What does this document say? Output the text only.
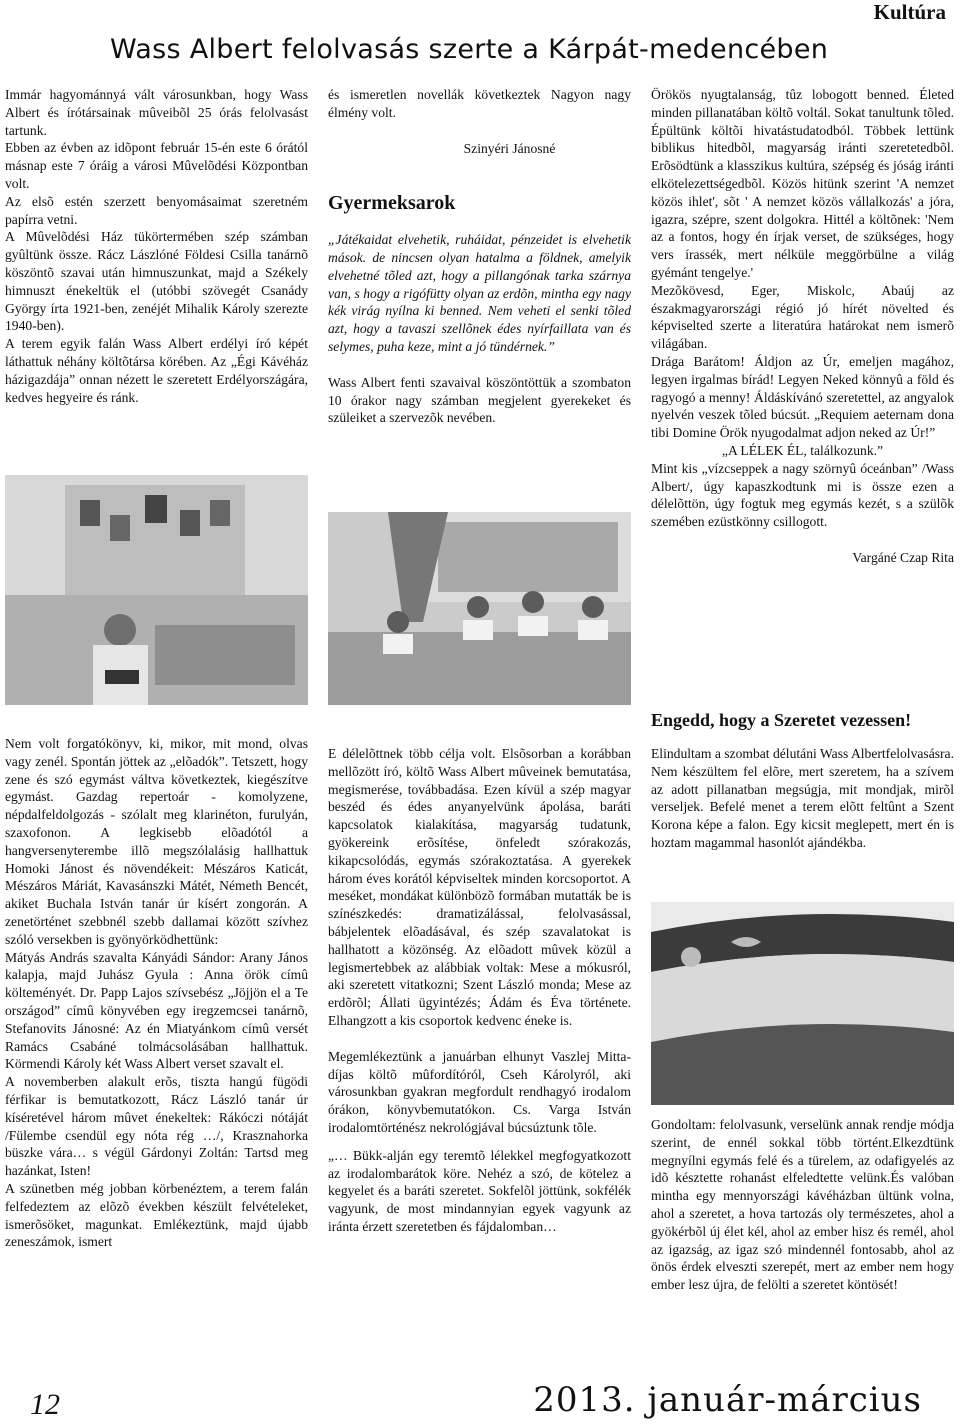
Kultúra
Wass Albert felolvasás szerte a Kárpát-medencében

Immár hagyománnyá vált városunkban, hogy Wass Albert és írótársainak mûveibõl 25 órás felolvasást tartunk.

Ebben az évben az idõpont február 15-én este 6 órától másnap este 7 óráig a városi Mûvelõdési Központban volt.

Az elsõ estén szerzett benyomásaimat szeretném papírra vetni.

A Mûvelõdési Ház tükörtermében szép számban gyûltünk össze. Rácz Lászlóné Földesi Csilla tanárnõ köszöntõ szavai után himnuszunkat, majd a Székely himnuszt énekeltük el (utóbbi szövegét Csanády György írta 1921-ben, zenéjét Mihalik Károly szerezte 1940-ben).

A terem egyik falán Wass Albert erdélyi író képét láthattuk néhány költõtársa körében. Az „Égi Kávéház házigazdája” onnan nézett le szeretett Erdélyországára, kedves hegyeire és ránk.

és ismeretlen novellák következtek Nagyon nagy élmény volt.

Szinyéri Jánosné

Gyermeksarok

„Játékaidat elvehetik, ruháidat, pénzeidet is elvehetik mások. de nincsen olyan hatalma a földnek, amelyik elvehetné tõled azt, hogy a pillangónak tarka szárnya van, s hogy a rigófütty olyan az erdõn, mintha egy nagy kék virág nyílna ki benned. Nem veheti el senki tõled azt, hogy a tavaszi szellõnek édes nyírfaillata van és selymes, puha keze, mint a jó tündérnek.”

Wass Albert fenti szavaival köszöntöttük a szombaton 10 órakor nagy számban megjelent gyerekeket és szüleiket a szervezõk nevében.

Örökös nyugtalanság, tûz lobogott benned. Életed minden pillanatában költõ voltál. Sokat tanultunk tõled. Épültünk költõi hivatástudatodból. Többek lettünk biblikus hitedbõl, magyarság iránti szeretetedbõl. Erõsödtünk a klasszikus kultúra, szépség és jóság iránti elkötelezettségedbõl. Közös hitünk szerint 'A nemzet közös ihlet', sõt ' A nemzet közös vállalkozás' a jóra, igazra, szépre, szent dolgokra. Hittél a költõnek: 'Nem az a fontos, hogy én írjak verset, de szükséges, hogy vers írassék, mert nélküle meggörbülne a világ gyémánt tengelye.'

Mezõkövesd, Eger, Miskolc, Abaúj az északmagyarországi régió jó hírét növelted és képviselted szerte a literatúra határokat nem ismerõ világában.

Drága Barátom! Áldjon az Úr, emeljen magához, legyen irgalmas bírád! Legyen Neked könnyû a föld és ragyogó a menny! Áldáskívánó szeretettel, az angyalok nyelvén veszek tõled búcsút. „Requiem aeternam dona tibi Domine Örök nyugodalmat adjon neked az Úr!”

„A LÉLEK ÉL, találkozunk.”

Mint kis „vízcseppek a nagy szörnyû óceánban” /Wass Albert/, úgy kapaszkodtunk mi is össze ezen a délelõttön, úgy fogtuk meg egymás kezét, s a szülõk szemében ezüstkönny csillogott.

Vargáné Czap Rita

Engedd, hogy a Szeretet vezessen!

Nem volt forgatókönyv, ki, mikor, mit mond, olvas vagy zenél. Spontán jöttek az „elõadók”. Tetszett, hogy zene és szó egymást váltva következtek, kiegészítve egymást. Gazdag repertoár - komolyzene, népdalfeldolgozás - szólalt meg klarinéton, furulyán, szaxofonon. A legkisebb elõadótól a hangversenyterembe illõ megszólalásig hallhattuk Homoki Jánost és növendékeit: Mészáros Katicát, Mészáros Máriát, Kavasánszki Mátét, Németh Bencét, akiket Buchala István tanár úr kísért zongorán. A zenetörténet szebbnél szebb dallamai között szívhez szóló versekben is gyönyörködhettünk:

Mátyás András szavalta Kányádi Sándor: Arany János kalapja, majd Juhász Gyula : Anna örök címû költeményét. Dr. Papp Lajos szívsebész „Jöjjön el a Te országod” címû könyvében egy iregzemcsei tanárnõ, Stefanovits Jánosné: Az én Miatyánkom címû versét Ramács Csabáné tolmácsolásában hallhattuk. Körmendi Károly két Wass Albert verset szavalt el.

A novemberben alakult erõs, tiszta hangú fügödi férfikar is bemutatkozott, Rácz László tanár úr kíséretével három mûvet énekeltek: Rákóczi nótáját /Fülembe csendül egy nóta rég …/, Krasznahorka büszke vára… s végül Gárdonyi Zoltán: Tartsd meg hazánkat, Isten!

A szünetben még jobban körbenéztem, a terem falán felfedeztem az elõzõ években készült felvételeket, ismerõsöket, magunkat. Emlékeztünk, majd újabb zeneszámok, ismert

E délelõttnek több célja volt. Elsõsorban a korábban mellõzött író, költõ Wass Albert mûveinek bemutatása, megismerése, továbbadása. Ezen kívül a szép magyar beszéd és édes anyanyelvünk ápolása, baráti kapcsolatok kialakítása, magyarság tudatunk, gyökereink erõsítése, önfeledt szórakozás, kikapcsolódás, egymás szórakoztatása. A gyerekek három éves korától képviseltek minden korcsoportot. A meséket, mondákat különbözõ formában mutatták be is színészkedés: dramatizálással, felolvasással, bábjelentek elõadásával, és szép szavalatokat is hallhatott a közönség. Az elõadott mûvek közül a legismertebbek az alábbiak voltak: Mese a mókusról, aki szeretett vitatkozni; Szent László monda; Mese az erdõrõl; Állati ügyintézés; Ádám és Éva története. Elhangzott a kis csoportok kedvenc éneke is.

Megemlékeztünk a januárban elhunyt Vaszlej Mitta-díjas költõ mûfordítóról, Cseh Károlyról, aki városunkban gyakran megfordult rendhagyó irodalom órákon, könyvbemutatókon. Cs. Varga István irodalomtörténész nekrológjával búcsúztunk tõle.

„… Bükk-alján egy teremtõ lélekkel megfogyatkozott az irodalombarátok köre. Nehéz a szó, de kötelez a kegyelet és a baráti szeretet. Sokfelõl jöttünk, sokfélék vagyunk, de most mindannyian egyek vagyunk az iránta érzett szeretetben és fájdalomban…

Elindultam a szombat délutáni Wass Albertfelolvasásra. Nem készültem fel elõre, mert szeretem, ha a szívem az adott pillanatban megsúgja, mit mondjak, mirõl verseljek. Befelé menet a terem elõtt feltûnt a Szent Korona képe a falon. Egy kicsit meglepett, mert én is hoztam magammal hasonlót ajándékba.

Gondoltam: felolvasunk, verselünk annak rendje módja szerint, de ennél sokkal több történt.Elkezdtünk megnyílni egymás felé és a türelem, az odafigyelés az idõ késztette rohanást elfeledtette velünk.És valóban mintha egy mennyországi kávéházban ültünk volna, ahol a szeretet, a hova tartozás oly természetes, ahol a gyökérbõl új élet kél, ahol az ember hisz és remél, ahol az igazság, az igaz szó mindennél fontosabb, ahol az önös érdek elveszti szerepét, mert az ember nem hogy ember lesz újra, de felölti a szeretet köntösét!

12	2013. január-március
